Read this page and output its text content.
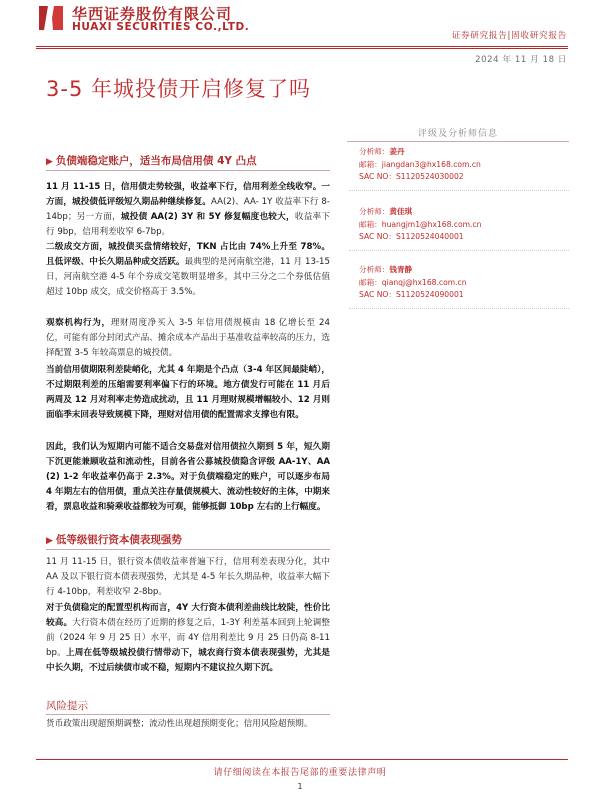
华西证券股份有限公司
HUAXI SECURITIES CO.,LTD.
证券研究报告|固收研究报告
2024 年 11 月 18 日
3-5 年城投债开启修复了吗
▶ 负债端稳定账户，适当布局信用债 4Y 凸点
11 月 11-15 日，信用债走势较强，收益率下行，信用利差全线收窄。一方面，城投债低评级短久期品种继续修复。AA(2)、AA- 1Y 收益率下行 8-14bp；另一方面，城投债 AA(2) 3Y 和 5Y 修复幅度也较大，收益率下行 9bp，信用利差收窄 6-7bp。
二级成交方面，城投债买盘情绪较好，TKN 占比由 74%上升至 78%。且低评级、中长久期品种成交活跃。最典型的是河南航空港，11 月 13-15 日，河南航空港 4-5 年个券成交笔数明显增多，其中三分之二个券低估值超过 10bp 成交，成交价格高于 3.5%。
观察机构行为，理财周度净买入 3-5 年信用债规模由 18 亿增长至 24 亿，可能有部分封闭式产品、摊余成本产品出于基准收益率较高的压力，选择配置 3-5 年较高票息的城投债。
当前信用债期限利差陡峭化，尤其 4 年期是个凸点（3-4 年区间最陡峭），不过期限利差的压缩需要利率偏下行的环境。地方债发行可能在 11 月后两周及 12 月对利率走势造成扰动，且 11 月理财规模增幅较小、12 月则面临季末回表导致规模下降，理财对信用债的配置需求支撑也有限。
因此，我们认为短期内可能不适合交易盘对信用债拉久期到 5 年，短久期下沉更能兼顾收益和流动性，目前各省公募城投债隐含评级 AA-1Y、AA(2) 1-2 年收益率仍高于 2.3%。对于负债端稳定的账户，可以逐步布局 4 年期左右的信用债，重点关注存量债规模大、流动性较好的主体，中期来看，票息收益和骑乘收益都较为可观，能够抵御 10bp 左右的上行幅度。
▶ 低等级银行资本债表现强势
11 月 11-15 日，银行资本债收益率普遍下行，信用利差表现分化，其中 AA 及以下银行资本债表现强势，尤其是 4-5 年长久期品种，收益率大幅下行 4-10bp，利差收窄 2-8bp。
对于负债稳定的配置型机构而言，4Y 大行资本债利差曲线比较陡，性价比较高。大行资本债在经历了近期的修复之后，1-3Y 利差基本回到上轮调整前（2024 年 9 月 25 日）水平，而 4Y 信用利差比 9 月 25 日仍高 8-11bp。上周在低等级城投债行情带动下，城农商行资本债表现强势，尤其是中长久期，不过后续债市或不稳，短期内不建议拉久期下沉。
风险提示
货币政策出现超预期调整；流动性出现超预期变化；信用风险超预期。
评级及分析师信息
分析师：姜丹
邮箱：jiangdan3@hx168.com.cn
SAC NO：S1120524030002
分析师：黄佳琪
邮箱：huangjm1@hx168.com.cn
SAC NO：S1120524040001
分析师：钱青静
邮箱：qianqj@hx168.com.cn
SAC NO：S1120524090001
请仔细阅读在本报告尾部的重要法律声明
1
